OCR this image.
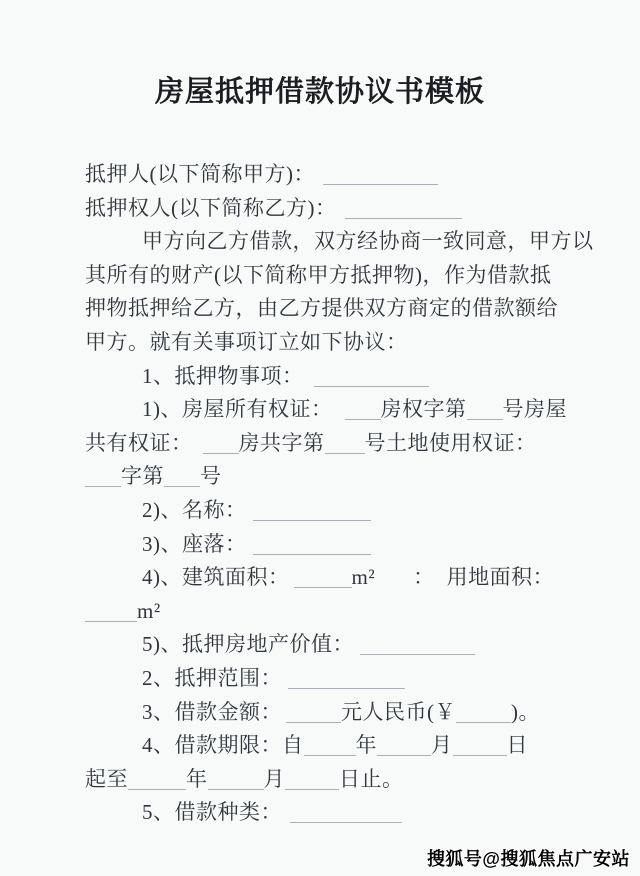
房屋抵押借款协议书模板
抵押人(以下简称甲方)：
抵押权人(以下简称乙方)：
甲方向乙方借款，双方经协商一致同意，甲方以
其所有的财产(以下简称甲方抵押物)，作为借款抵
押物抵押给乙方，由乙方提供双方商定的借款额给
甲方。就有关事项订立如下协议：
1、抵押物事项：
1)、房屋所有权证： 房权字第 号房屋
共有权证： 房共字第 号土地使用权证：
字第 号
2)、名称：
3)、座落：
4)、建筑面积：	m² ： 用地面积：
m²
5)、抵押房地产价值：
2、抵押范围：
3、借款金额：	元人民币(￥	)。
4、借款期限：自 年	月	日
起至	年	月	日止。
5、借款种类：
搜狐号@搜狐焦点广安站
